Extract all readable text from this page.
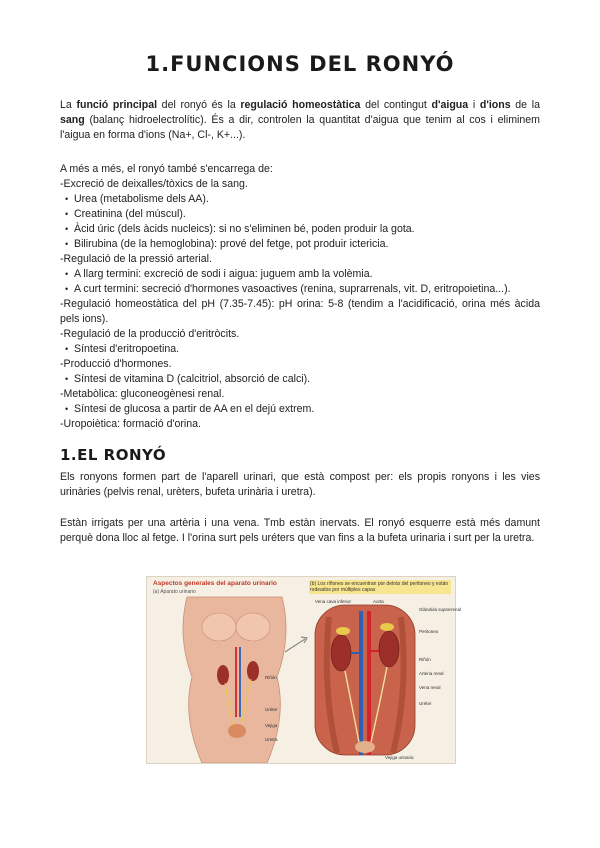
1.FUNCIONS DEL RONYÓ

La funció principal del ronyó és la regulació homeostàtica del contingut d'aigua i d'ions de la sang (balanç hidroelectrolític). És a dir, controlen la quantitat d'aigua que tenim al cos i eliminem l'aigua en forma d'ions (Na+, Cl-, K+...).

A més a més, el ronyó també s'encarrega de:
-Excreció de deixalles/tòxics de la sang.
• Urea (metabolisme dels AA).
• Creatinina (del múscul).
• Àcid úric (dels àcids nucleics): si no s'eliminen bé, poden produir la gota.
• Bilirubina (de la hemoglobina): prové del fetge, pot produir ictericia.
-Regulació de la pressió arterial.
• A llarg termini: excreció de sodi i aigua: juguem amb la volèmia.
• A curt termini: secreció d'hormones vasoactives (renina, suprarrenals, vit. D, eritropoietina...).
-Regulació homeostàtica del pH (7.35-7.45): pH orina: 5-8 (tendim a l'acidificació, orina més àcida pels ions).
-Regulació de la producció d'eritròcits.
• Síntesi d'eritropoetina.
-Producció d'hormones.
• Síntesi de vitamina D (calcitriol, absorció de calci).
-Metabòlica: gluconeogènesi renal.
• Síntesi de glucosa a partir de AA en el dejú extrem.
-Uropoiètica: formació d'orina.
1.EL RONYÓ

Els ronyons formen part de l'aparell urinari, que està compost per: els propis ronyons i les vies urinàries (pelvis renal, urèters, bufeta urinària i uretra).

Estàn irrigats per una artèria i una vena. Tmb estàn inervats. El ronyó esquerre està més damunt perquè dona lloc al fetge. I l'orina surt pels uréters que van fins a la bufeta urinaria i surt per la uretra.

Aspectos generales del aparato urinario
(a) Aparato urinario
(b) Los riñones se encuentran por detrás del peritoneo y están rodeados por múltiples capas
Riñón
Uréter
Vejiga
Uretra
Vena cava inferior	Aorta
Glándula suprarrenal
Peritoneo
Riñón
Arteria renal
Vena renal
Uréter
Vejiga urinaria
